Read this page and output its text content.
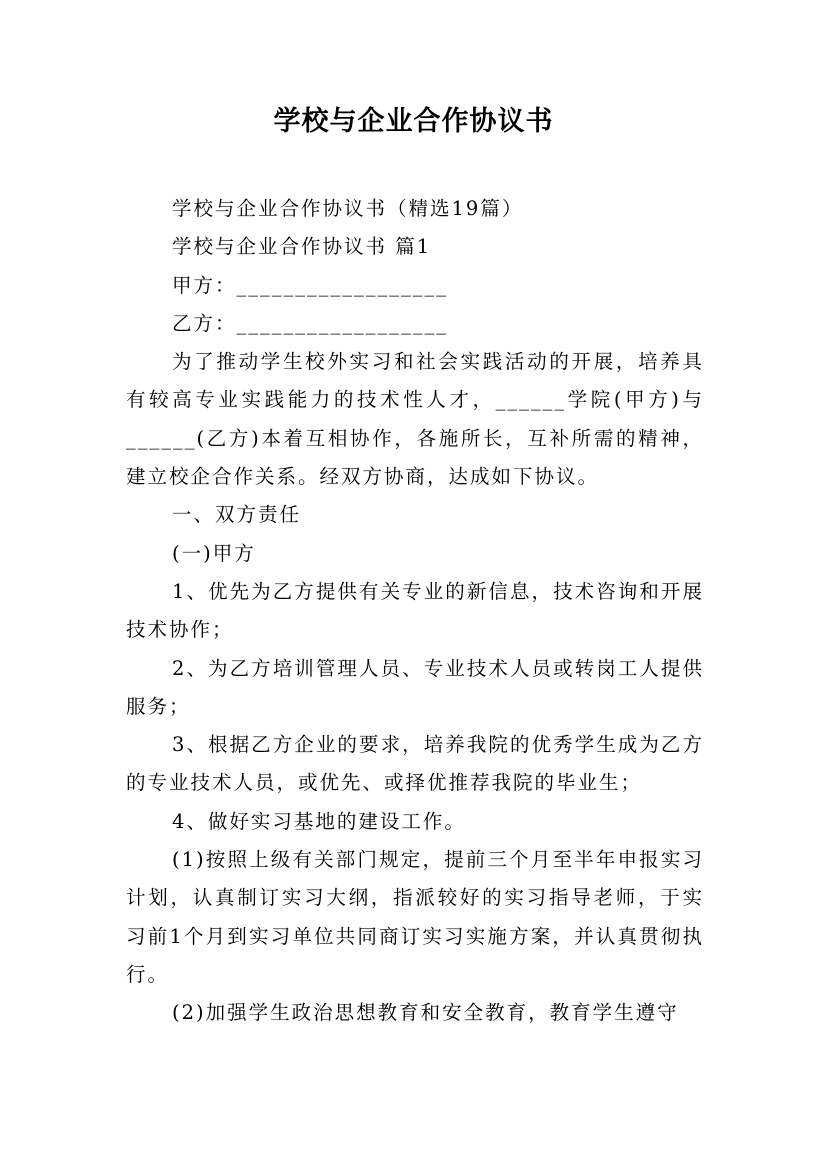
学校与企业合作协议书

学校与企业合作协议书（精选19篇）

学校与企业合作协议书 篇1

甲方：__________________

乙方：__________________

为了推动学生校外实习和社会实践活动的开展，培养具有较高专业实践能力的技术性人才，______学院(甲方)与______(乙方)本着互相协作，各施所长，互补所需的精神，建立校企合作关系。经双方协商，达成如下协议。

一、双方责任

(一)甲方

1、优先为乙方提供有关专业的新信息，技术咨询和开展技术协作；

2、为乙方培训管理人员、专业技术人员或转岗工人提供服务；

3、根据乙方企业的要求，培养我院的优秀学生成为乙方的专业技术人员，或优先、或择优推荐我院的毕业生；

4、做好实习基地的建设工作。

(1)按照上级有关部门规定，提前三个月至半年申报实习计划，认真制订实习大纲，指派较好的实习指导老师，于实习前1个月到实习单位共同商订实习实施方案，并认真贯彻执行。

(2)加强学生政治思想教育和安全教育，教育学生遵守
